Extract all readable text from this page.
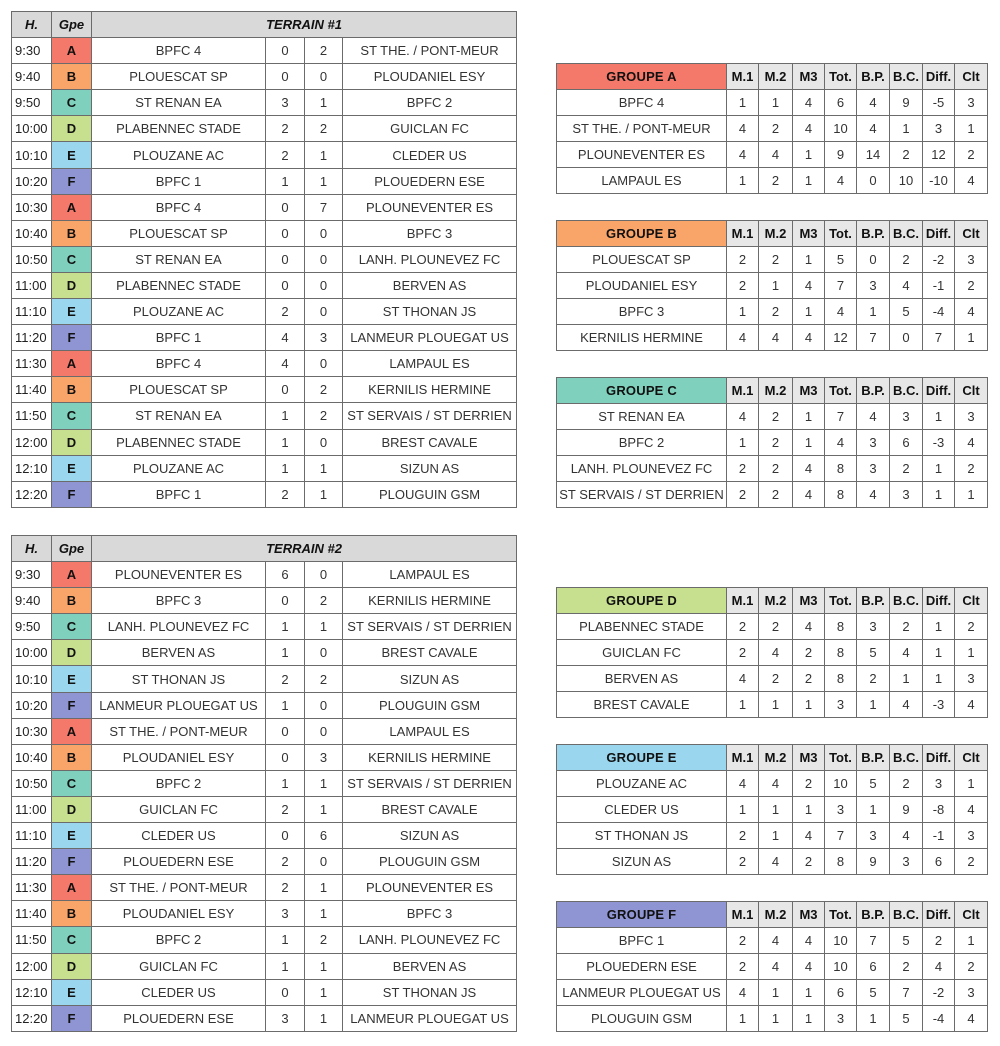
H.	Gpe	TERRAIN #1			
9:30	A	BPFC 4	0	2	ST THE. / PONT-MEUR
9:40	B	PLOUESCAT SP	0	0	PLOUDANIEL ESY
9:50	C	ST RENAN EA	3	1	BPFC 2
10:00	D	PLABENNEC STADE	2	2	GUICLAN FC
10:10	E	PLOUZANE AC	2	1	CLEDER US
10:20	F	BPFC 1	1	1	PLOUEDERN ESE
10:30	A	BPFC 4	0	7	PLOUNEVENTER ES
10:40	B	PLOUESCAT SP	0	0	BPFC 3
10:50	C	ST RENAN EA	0	0	LANH. PLOUNEVEZ FC
11:00	D	PLABENNEC STADE	0	0	BERVEN AS
11:10	E	PLOUZANE AC	2	0	ST THONAN JS
11:20	F	BPFC 1	4	3	LANMEUR PLOUEGAT US
11:30	A	BPFC 4	4	0	LAMPAUL ES
11:40	B	PLOUESCAT SP	0	2	KERNILIS HERMINE
11:50	C	ST RENAN EA	1	2	ST SERVAIS / ST DERRIEN
12:00	D	PLABENNEC STADE	1	0	BREST CAVALE
12:10	E	PLOUZANE AC	1	1	SIZUN AS
12:20	F	BPFC 1	2	1	PLOUGUIN GSM
H.	Gpe	TERRAIN #2			
9:30	A	PLOUNEVENTER ES	6	0	LAMPAUL ES
9:40	B	BPFC 3	0	2	KERNILIS HERMINE
9:50	C	LANH. PLOUNEVEZ FC	1	1	ST SERVAIS / ST DERRIEN
10:00	D	BERVEN AS	1	0	BREST CAVALE
10:10	E	ST THONAN JS	2	2	SIZUN AS
10:20	F	LANMEUR PLOUEGAT US	1	0	PLOUGUIN GSM
10:30	A	ST THE. / PONT-MEUR	0	0	LAMPAUL ES
10:40	B	PLOUDANIEL ESY	0	3	KERNILIS HERMINE
10:50	C	BPFC 2	1	1	ST SERVAIS / ST DERRIEN
11:00	D	GUICLAN FC	2	1	BREST CAVALE
11:10	E	CLEDER US	0	6	SIZUN AS
11:20	F	PLOUEDERN ESE	2	0	PLOUGUIN GSM
11:30	A	ST THE. / PONT-MEUR	2	1	PLOUNEVENTER ES
11:40	B	PLOUDANIEL ESY	3	1	BPFC 3
11:50	C	BPFC 2	1	2	LANH. PLOUNEVEZ FC
12:00	D	GUICLAN FC	1	1	BERVEN AS
12:10	E	CLEDER US	0	1	ST THONAN JS
12:20	F	PLOUEDERN ESE	3	1	LANMEUR PLOUEGAT US
GROUPE A	M.1	M.2	M3	Tot.	B.P.	B.C.	Diff.	Clt
BPFC 4	1	1	4	6	4	9	-5	3
ST THE. / PONT-MEUR	4	2	4	10	4	1	3	1
PLOUNEVENTER ES	4	4	1	9	14	2	12	2
LAMPAUL ES	1	2	1	4	0	10	-10	4
GROUPE B	M.1	M.2	M3	Tot.	B.P.	B.C.	Diff.	Clt
PLOUESCAT SP	2	2	1	5	0	2	-2	3
PLOUDANIEL ESY	2	1	4	7	3	4	-1	2
BPFC 3	1	2	1	4	1	5	-4	4
KERNILIS HERMINE	4	4	4	12	7	0	7	1
GROUPE C	M.1	M.2	M3	Tot.	B.P.	B.C.	Diff.	Clt
ST RENAN EA	4	2	1	7	4	3	1	3
BPFC 2	1	2	1	4	3	6	-3	4
LANH. PLOUNEVEZ FC	2	2	4	8	3	2	1	2
ST SERVAIS / ST DERRIEN	2	2	4	8	4	3	1	1
GROUPE D	M.1	M.2	M3	Tot.	B.P.	B.C.	Diff.	Clt
PLABENNEC STADE	2	2	4	8	3	2	1	2
GUICLAN FC	2	4	2	8	5	4	1	1
BERVEN AS	4	2	2	8	2	1	1	3
BREST CAVALE	1	1	1	3	1	4	-3	4
GROUPE E	M.1	M.2	M3	Tot.	B.P.	B.C.	Diff.	Clt
PLOUZANE AC	4	4	2	10	5	2	3	1
CLEDER US	1	1	1	3	1	9	-8	4
ST THONAN JS	2	1	4	7	3	4	-1	3
SIZUN AS	2	4	2	8	9	3	6	2
GROUPE F	M.1	M.2	M3	Tot.	B.P.	B.C.	Diff.	Clt
BPFC 1	2	4	4	10	7	5	2	1
PLOUEDERN ESE	2	4	4	10	6	2	4	2
LANMEUR PLOUEGAT US	4	1	1	6	5	7	-2	3
PLOUGUIN GSM	1	1	1	3	1	5	-4	4
